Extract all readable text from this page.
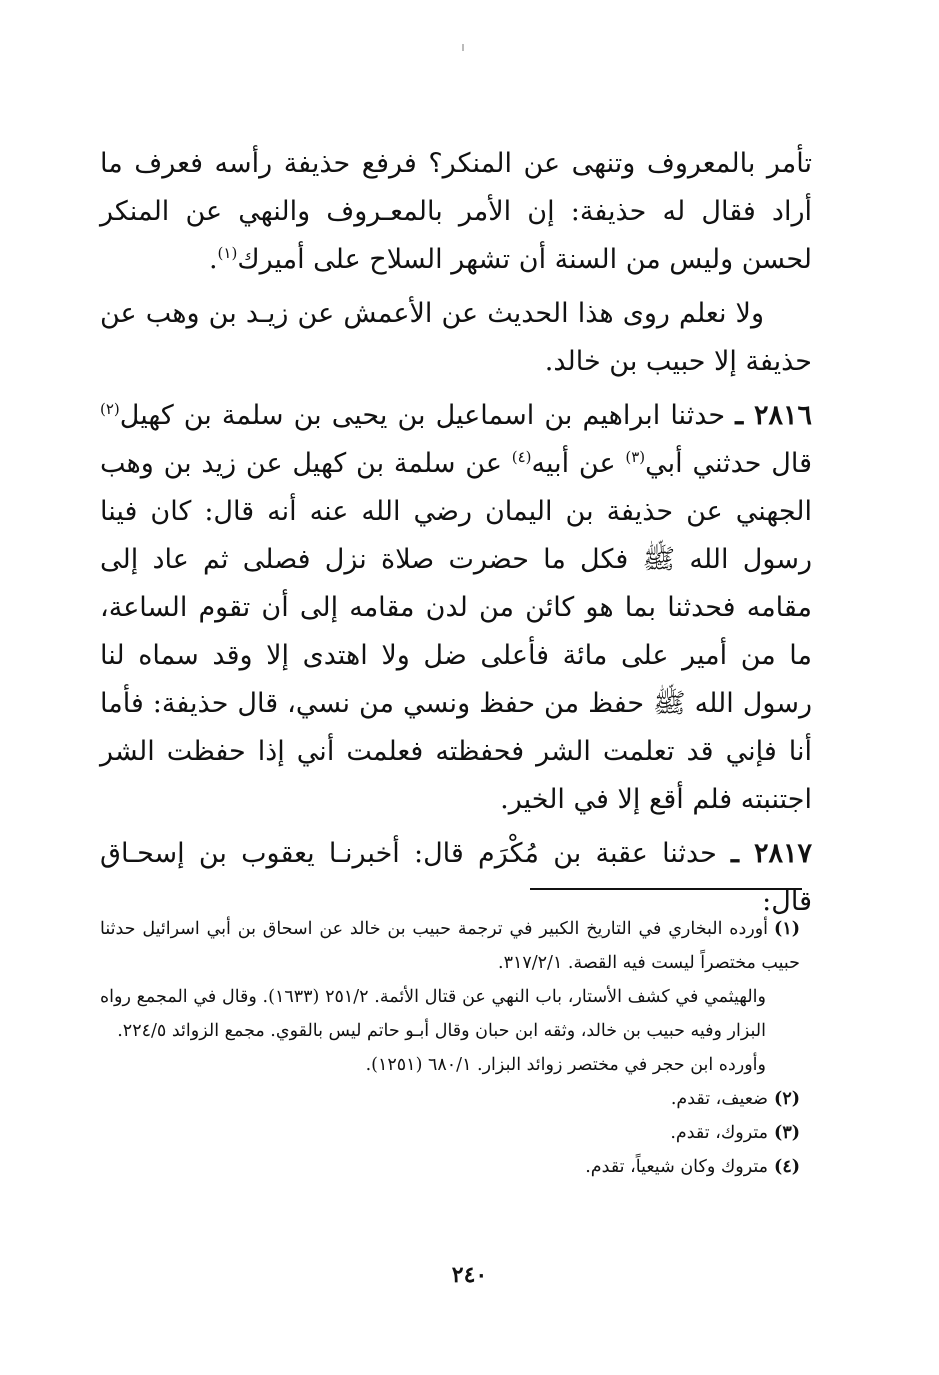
تأمر بالمعروف وتنهى عن المنكر؟ فرفع حذيفة رأسه فعرف ما أراد فقال له حذيفة: إن الأمر بالمعـروف والنهي عن المنكر لحسن وليس من السنة أن تشهر السلاح على أميرك$^{(١)}$.

ولا نعلم روى هذا الحديث عن الأعمش عن زيـد بن وهب عن حذيفة إلا حبيب بن خالد.

٢٨١٦ ـ حدثنا ابراهيم بن اسماعيل بن يحيى بن سلمة بن كهيل$^{(٢)}$ قال حدثني أبي$^{(٣)}$ عن أبيه$^{(٤)}$ عن سلمة بن كهيل عن زيد بن وهب الجهني عن حذيفة بن اليمان رضي الله عنه أنه قال: كان فينا رسول الله ﷺ فكل ما حضرت صلاة نزل فصلى ثم عاد إلى مقامه فحدثنا بما هو كائن من لدن مقامه إلى أن تقوم الساعة، ما من أمير على مائة فأعلى ضل ولا اهتدى إلا وقد سماه لنا رسول الله ﷺ حفظ من حفظ ونسي من نسي، قال حذيفة: فأما أنا فإني قد تعلمت الشر فحفظته فعلمت أني إذا حفظت الشر اجتنبته فلم أقع إلا في الخير.

٢٨١٧ ـ حدثنا عقبة بن مُكْرَم قال: أخبرنـا يعقوب بن إسحـاق قال:

(١)أورده البخاري في التاريخ الكبير في ترجمة حبيب بن خالد عن اسحاق بن أبي اسرائيل حدثنا حبيب مختصراً ليست فيه القصة. ٣١٧/٢/١.

والهيثمي في كشف الأستار، باب النهي عن قتال الأئمة. ٢٥١/٢ (١٦٣٣). وقال في المجمع رواه البزار وفيه حبيب بن خالد، وثقه ابن حبان وقال أبـو حاتم ليس بالقوي. مجمع الزوائد ٢٢٤/٥.

وأورده ابن حجر في مختصر زوائد البزار. ٦٨٠/١ (١٢٥١).

(٢)ضعيف، تقدم.

(٣)متروك، تقدم.

(٤)متروك وكان شيعياً، تقدم.

٢٤٠
